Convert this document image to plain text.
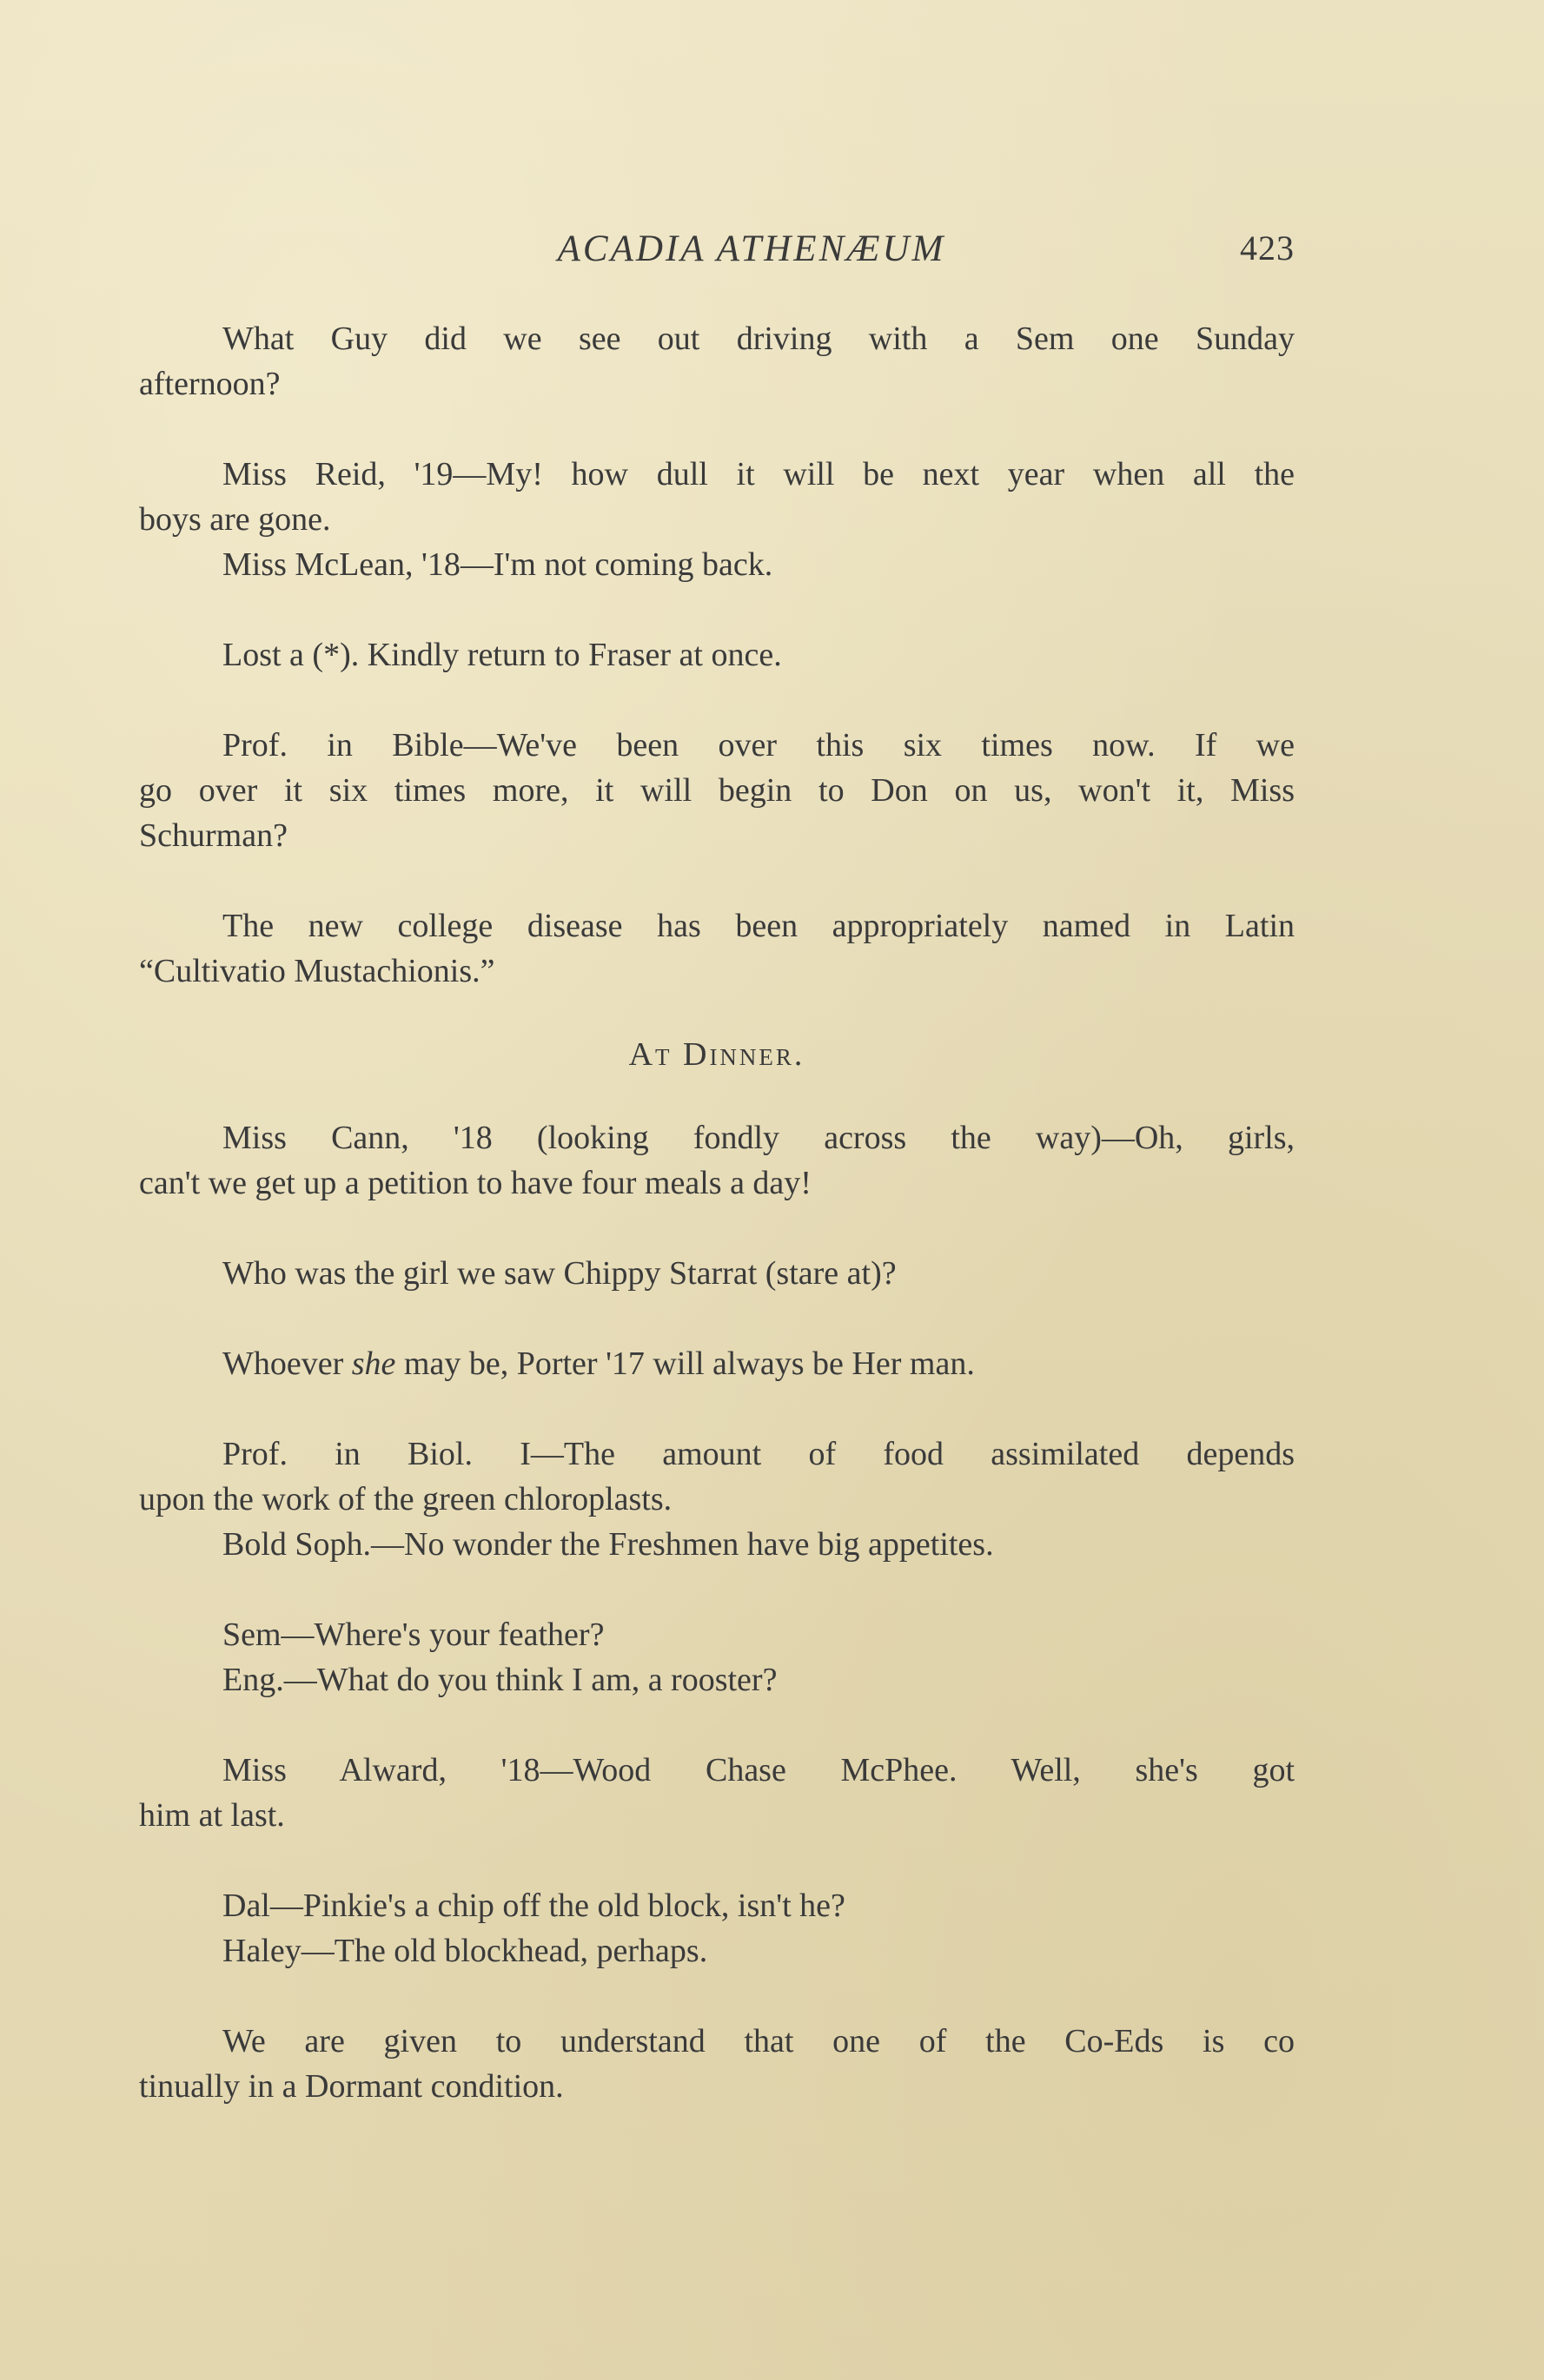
ACADIA ATHENÆUM	423
What Guy did we see out driving with a Sem one Sunday
afternoon?
Miss Reid, '19—My! how dull it will be next year when all the
boys are gone.
Miss McLean, '18—I'm not coming back.
Lost a (*). Kindly return to Fraser at once.
Prof. in Bible—We've been over this six times now. If we
go over it six times more, it will begin to Don on us, won't it, Miss
Schurman?
The new college disease has been appropriately named in Latin
“Cultivatio Mustachionis.”
At Dinner.
Miss Cann, '18 (looking fondly across the way)—Oh, girls,
can't we get up a petition to have four meals a day!
Who was the girl we saw Chippy Starrat (stare at)?
Whoever she may be, Porter '17 will always be Her man.
Prof. in Biol. I—The amount of food assimilated depends
upon the work of the green chloroplasts.
Bold Soph.—No wonder the Freshmen have big appetites.
Sem—Where's your feather?
Eng.—What do you think I am, a rooster?
Miss Alward, '18—Wood Chase McPhee. Well, she's got
him at last.
Dal—Pinkie's a chip off the old block, isn't he?
Haley—The old blockhead, perhaps.
We are given to understand that one of the Co-Eds is co
tinually in a Dormant condition.
